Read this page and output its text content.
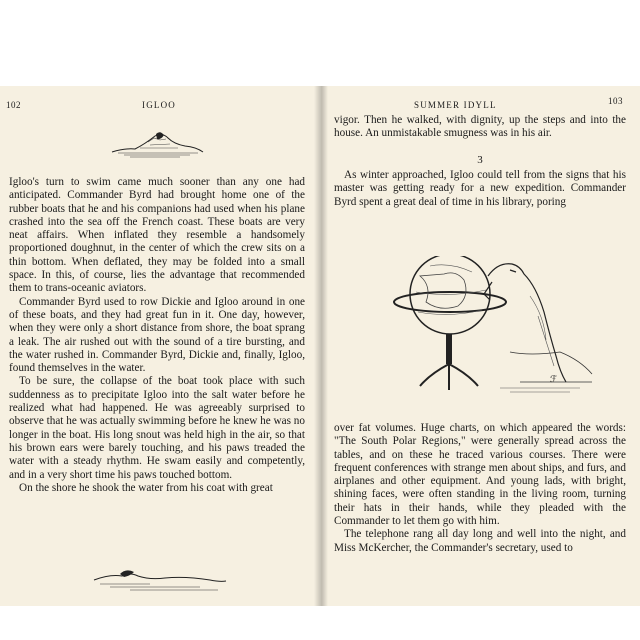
102	IGLOO

Igloo's turn to swim came much sooner than any one had anticipated. Commander Byrd had brought home one of the rubber boats that he and his companions had used when his plane crashed into the sea off the French coast. These boats are very neat affairs. When inflated they resemble a handsomely proportioned doughnut, in the center of which the crew sits on a thin bottom. When deflated, they may be folded into a small space. In this, of course, lies the advantage that recommended them to trans-oceanic aviators.

Commander Byrd used to row Dickie and Igloo around in one of these boats, and they had great fun in it. One day, however, when they were only a short distance from shore, the boat sprang a leak. The air rushed out with the sound of a tire bursting, and the water rushed in. Commander Byrd, Dickie and, finally, Igloo, found themselves in the water.

To be sure, the collapse of the boat took place with such suddenness as to precipitate Igloo into the salt water before he realized what had happened. He was agreeably surprised to observe that he was actually swimming before he knew he was no longer in the boat. His long snout was held high in the air, so that his brown ears were barely touching, and his paws treaded the water with a steady rhythm. He swam easily and competently, and in a very short time his paws touched bottom.

On the shore he shook the water from his coat with great

SUMMER IDYLL	103

vigor. Then he walked, with dignity, up the steps and into the house. An unmistakable smugness was in his air.

3

As winter approached, Igloo could tell from the signs that his master was getting ready for a new expedition. Commander Byrd spent a great deal of time in his library, poring

ℱ

over fat volumes. Huge charts, on which appeared the words: "The South Polar Regions," were generally spread across the tables, and on these he traced various courses. There were frequent conferences with strange men about ships, and furs, and airplanes and other equipment. And young lads, with bright, shining faces, were often standing in the living room, turning their hats in their hands, while they pleaded with the Commander to let them go with him.

The telephone rang all day long and well into the night, and Miss McKercher, the Commander's secretary, used to
